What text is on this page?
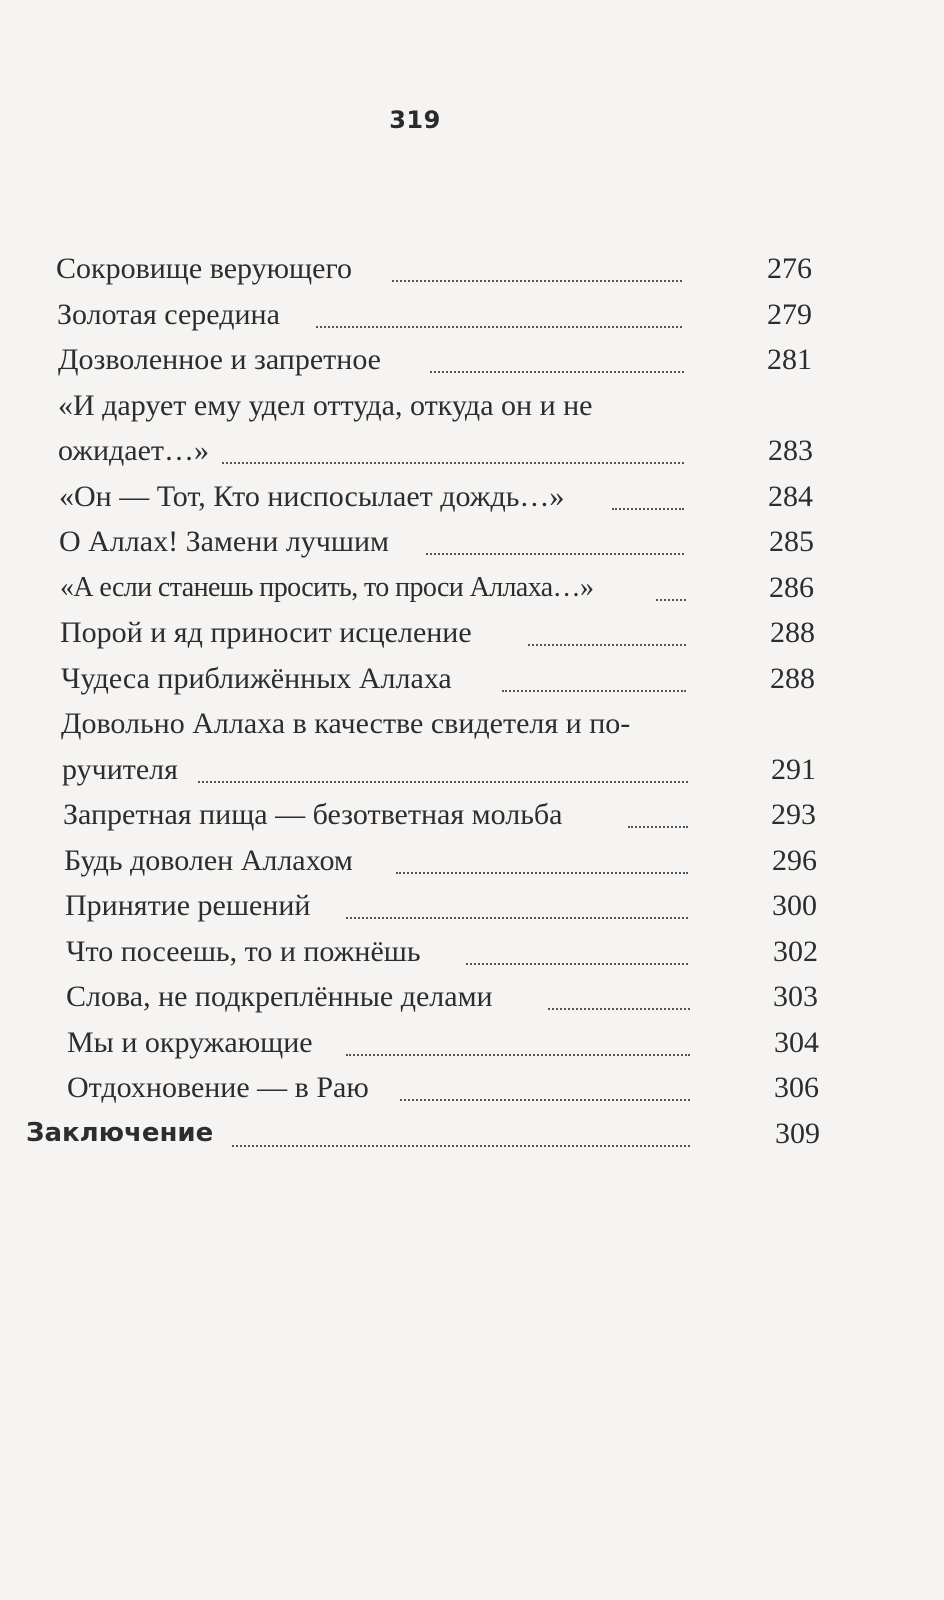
319
Сокровище верующего	276
Золотая середина	279
Дозволенное и запретное	281
«И дарует ему удел оттуда, откуда он и не
ожидает…»	283
«Он — Тот, Кто ниспосылает дождь…»	284
О Аллах! Замени лучшим	285
«А если станешь просить, то проси Аллаха…»	286
Порой и яд приносит исцеление	288
Чудеса приближённых Аллаха	288
Довольно Аллаха в качестве свидетеля и по-
ручителя	291
Запретная пища — безответная мольба	293
Будь доволен Аллахом	296
Принятие решений	300
Что посеешь, то и пожнёшь	302
Слова, не подкреплённые делами	303
Мы и окружающие	304
Отдохновение — в Раю	306
Заключение	309
